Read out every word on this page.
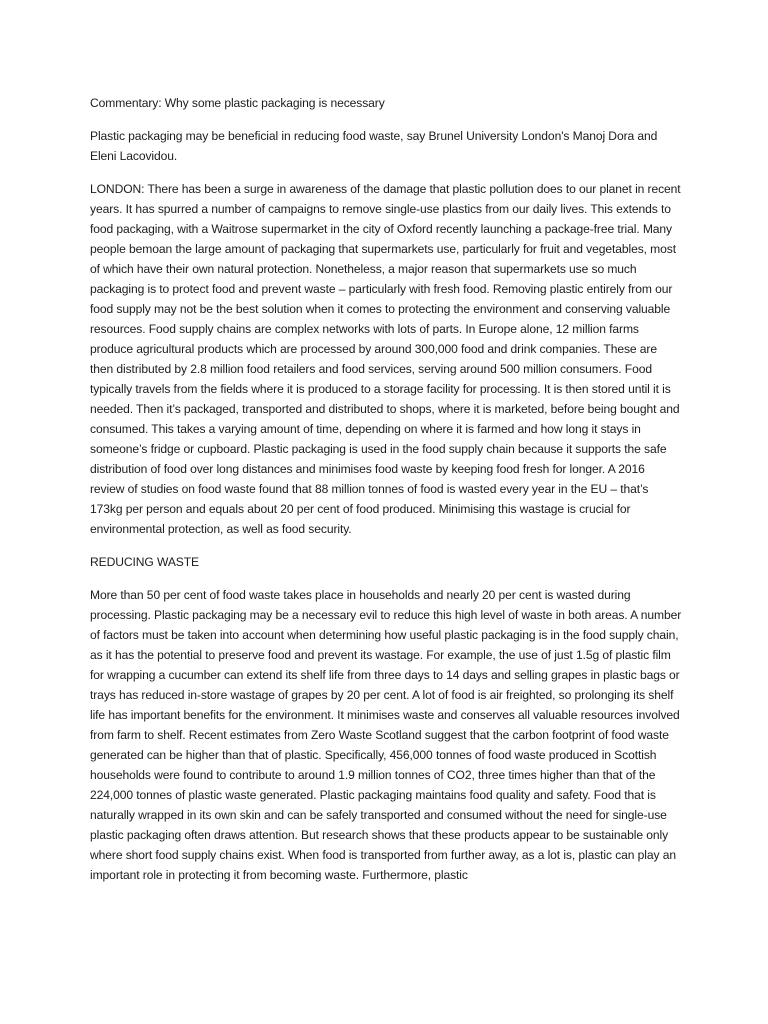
Commentary: Why some plastic packaging is necessary

Plastic packaging may be beneficial in reducing food waste, say Brunel University London's Manoj Dora and Eleni Lacovidou.

LONDON: There has been a surge in awareness of the damage that plastic pollution does to our planet in recent years. It has spurred a number of campaigns to remove single-use plastics from our daily lives. This extends to food packaging, with a Waitrose supermarket in the city of Oxford recently launching a package-free trial. Many people bemoan the large amount of packaging that supermarkets use, particularly for fruit and vegetables, most of which have their own natural protection. Nonetheless, a major reason that supermarkets use so much packaging is to protect food and prevent waste – particularly with fresh food. Removing plastic entirely from our food supply may not be the best solution when it comes to protecting the environment and conserving valuable resources. Food supply chains are complex networks with lots of parts. In Europe alone, 12 million farms produce agricultural products which are processed by around 300,000 food and drink companies. These are then distributed by 2.8 million food retailers and food services, serving around 500 million consumers. Food typically travels from the fields where it is produced to a storage facility for processing. It is then stored until it is needed. Then it’s packaged, transported and distributed to shops, where it is marketed, before being bought and consumed. This takes a varying amount of time, depending on where it is farmed and how long it stays in someone’s fridge or cupboard. Plastic packaging is used in the food supply chain because it supports the safe distribution of food over long distances and minimises food waste by keeping food fresh for longer. A 2016 review of studies on food waste found that 88 million tonnes of food is wasted every year in the EU – that’s 173kg per person and equals about 20 per cent of food produced. Minimising this wastage is crucial for environmental protection, as well as food security.

REDUCING WASTE

More than 50 per cent of food waste takes place in households and nearly 20 per cent is wasted during processing. Plastic packaging may be a necessary evil to reduce this high level of waste in both areas. A number of factors must be taken into account when determining how useful plastic packaging is in the food supply chain, as it has the potential to preserve food and prevent its wastage. For example, the use of just 1.5g of plastic film for wrapping a cucumber can extend its shelf life from three days to 14 days and selling grapes in plastic bags or trays has reduced in-store wastage of grapes by 20 per cent. A lot of food is air freighted, so prolonging its shelf life has important benefits for the environment. It minimises waste and conserves all valuable resources involved from farm to shelf. Recent estimates from Zero Waste Scotland suggest that the carbon footprint of food waste generated can be higher than that of plastic. Specifically, 456,000 tonnes of food waste produced in Scottish households were found to contribute to around 1.9 million tonnes of CO2, three times higher than that of the 224,000 tonnes of plastic waste generated. Plastic packaging maintains food quality and safety. Food that is naturally wrapped in its own skin and can be safely transported and consumed without the need for single-use plastic packaging often draws attention. But research shows that these products appear to be sustainable only where short food supply chains exist. When food is transported from further away, as a lot is, plastic can play an important role in protecting it from becoming waste. Furthermore, plastic
